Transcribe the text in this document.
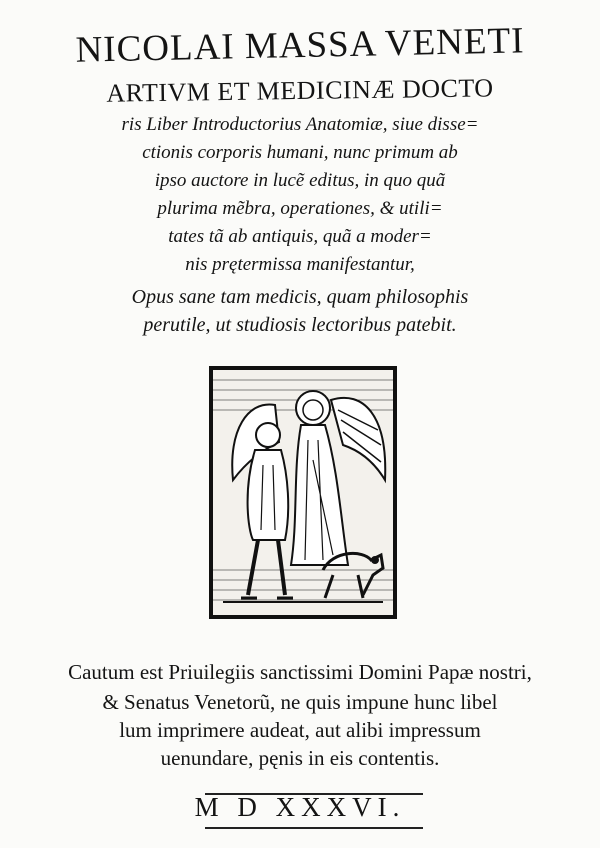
NICOLAI MASSA VENETI
ARTIVM ET MEDICINÆ DOCTO
ris Liber Introductorius Anatomiæ, siue disse=
ctionis corporis humani, nunc primum ab
ipso auctore in lucẽ editus, in quo quã
plurima mẽbra, operationes, & utili=
tates tã ab antiquis, quã a moder=
nis prętermissa manifestantur,
Opus sane tam medicis, quam philosophis
perutile, ut studiosis lectoribus patebit.
Cautum est Priuilegiis sanctissimi Domini Papæ nostri,
& Senatus Venetorũ, ne quis impune hunc libel
lum imprimere audeat, aut alibi impressum
uenundare, pęnis in eis contentis.
M D XXXVI.
